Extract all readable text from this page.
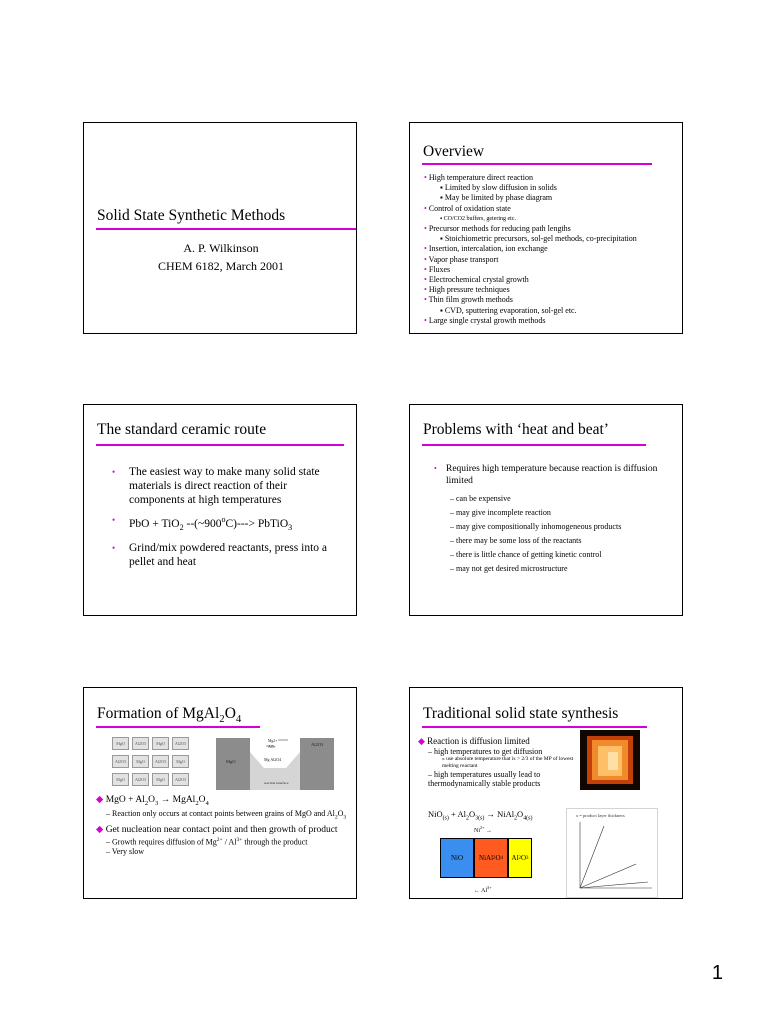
Solid State Synthetic Methods
A. P. Wilkinson
CHEM 6182, March 2001
Overview
• High temperature direct reaction
▪ Limited by slow diffusion in solids
▪ May be limited by phase diagram
• Control of oxidation state
▪ CO/CO2 buffers, getering etc.
• Precursor methods for reducing path lengths
▪ Stoichiometric precursors, sol-gel methods, co-precipitation
• Insertion, intercalation, ion exchange
• Vapor phase transport
• Fluxes
• Electrochemical crystal growth
• High pressure techniques
• Thin film growth methods
▪ CVD, sputtering evaporation, sol-gel etc.
• Large single crystal growth methods
The standard ceramic route
• The easiest way to make many solid state materials is direct reaction of their components at high temperatures
• PbO + TiO$_2$ $--(\sim 900^oC)--->$ PbTiO$_3$
• Grind/mix powdered reactants, press into a pellet and heat
Problems with ‘heat and beat’
• Requires high temperature because reaction is diffusion limited
– can be expensive
– may give incomplete reaction
– may give compositionally inhomogeneous products
– there may be some loss of the reactants
– there is little chance of getting kinetic control
– may not get desired microstructure
Formation of $MgAl_2O_4$
MgO	Al2O3	MgO	Al2O3
Al2O3	MgO	Al2O3	MgO
MgO	Al2O3	MgO	Al2O3
MgO
Al2O3
Mg Al2O4
Mg2+
Al3+
reaction interface
◆ MgO + $Al_2O_3$ → $MgAl_2O_4$
– Reaction only occurs at contact points between grains of MgO and $Al_2O_3$
◆ Get nucleation near contact point and then growth of product
– Growth requires diffusion of $Mg^{2+} / Al^{3+}$ through the product
– Very slow
Traditional solid state synthesis
◆ Reaction is diffusion limited
– high temperatures to get diffusion
» use absolute temperature that is > 2/3 of the MP of lowest melting reactant
– high temperatures usually lead to thermodynamically stable products
$NiO_{(s)} + Al_2O_{3(s)}$ → $NiAl_2O_{4(s)}$
$Ni^{2+}$ →
NiO	NiAl 2 O 4	Al 2 O 3
← $Al^{3+}$
x = product layer thickness
1
